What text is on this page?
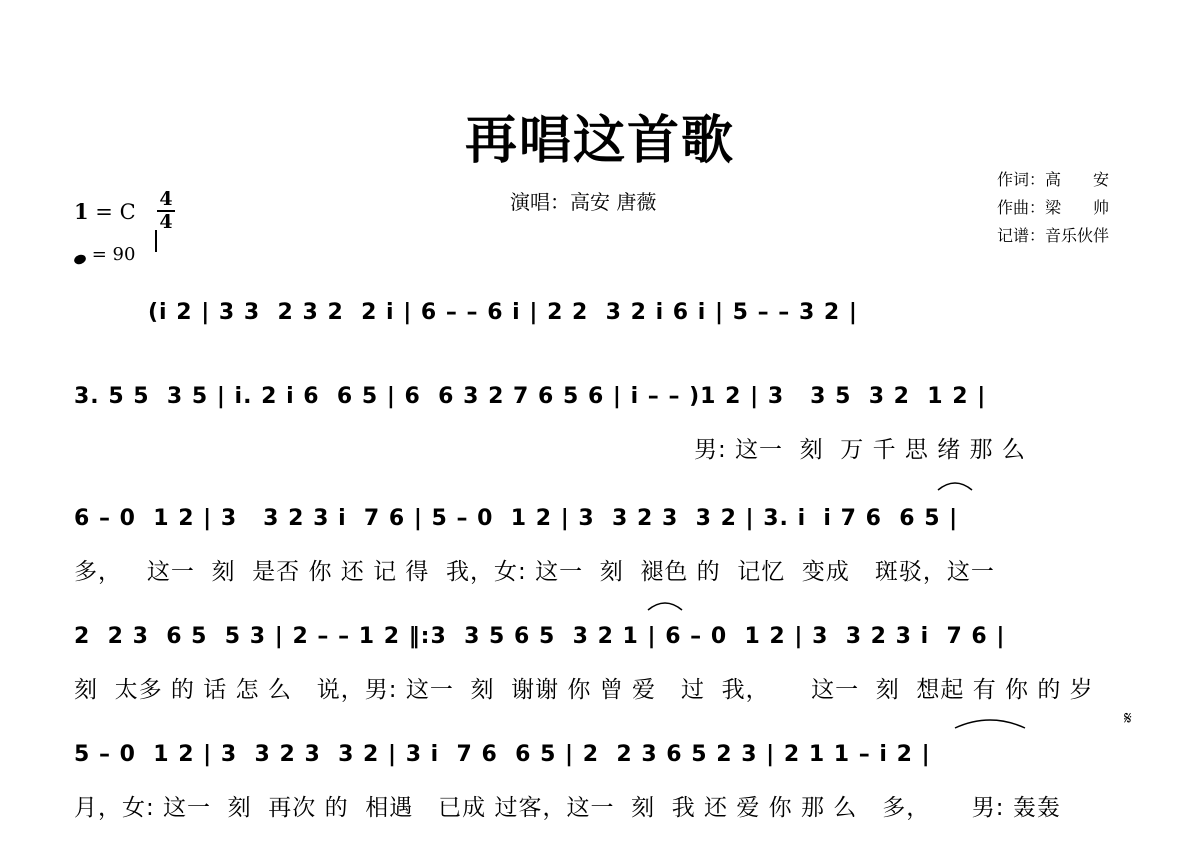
再唱这首歌
演唱：高安 唐薇
作词：高　　安
作曲：梁　　帅
记谱：音乐伙伴
1 = C
4
4

= 90
(i 2 | 3 3  2 3 2  2 i | 6 – – 6 i | 2 2  3 2 i 6 i | 5 – – 3 2 |
3. 5 5  3 5 | i. 2 i 6  6 5 | 6  6 3 2 7 6 5 6 | i – – )1 2 | 3   3 5  3 2  1 2 |
男: 这一  刻  万 千 思 绪 那 么
6 – 0  1 2 | 3   3 2 3 i  7 6 | 5 – 0  1 2 | 3  3 2 3  3 2 | 3. i  i 7 6  6 5 |
多，   这一  刻  是否 你 还 记 得  我，女: 这一  刻  褪色 的  记忆  变成   斑驳，这一
2  2 3  6 5  5 3 | 2 – – 1 2 ‖:3  3 5 6 5  3 2 1 | 6 – 0  1 2 | 3  3 2 3 i  7 6 |
刻  太多 的 话 怎 么   说，男: 这一  刻  谢谢 你 曾 爱   过  我，     这一  刻  想起 有 你 的 岁
5 – 0  1 2 | 3  3 2 3  3 2 | 3 i  7 6  6 5 | 2  2 3 6 5 2 3 | 2 1 1 – i 2 |
月，女: 这一  刻  再次 的  相遇   已成 过客，这一  刻  我 还 爱 你 那 么   多，     男: 轰轰
𝄋
